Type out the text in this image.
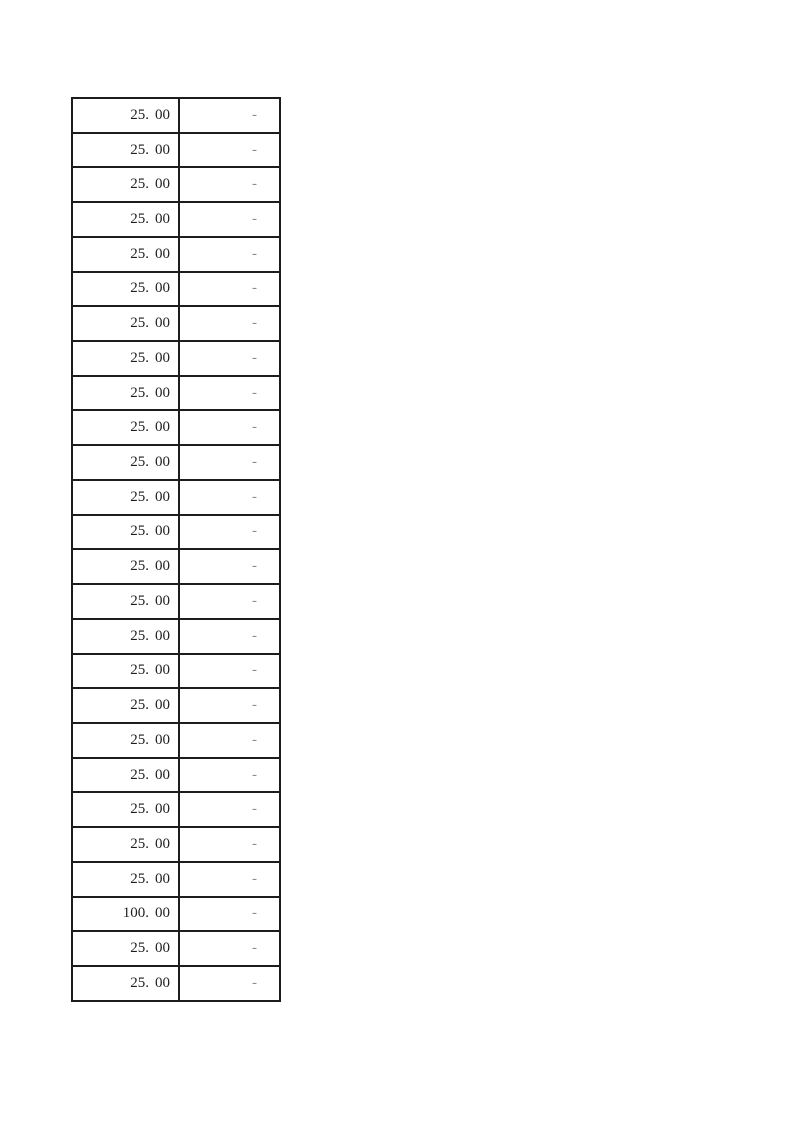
25. 00	-
25. 00	-
25. 00	-
25. 00	-
25. 00	-
25. 00	-
25. 00	-
25. 00	-
25. 00	-
25. 00	-
25. 00	-
25. 00	-
25. 00	-
25. 00	-
25. 00	-
25. 00	-
25. 00	-
25. 00	-
25. 00	-
25. 00	-
25. 00	-
25. 00	-
25. 00	-
100. 00	-
25. 00	-
25. 00	-
